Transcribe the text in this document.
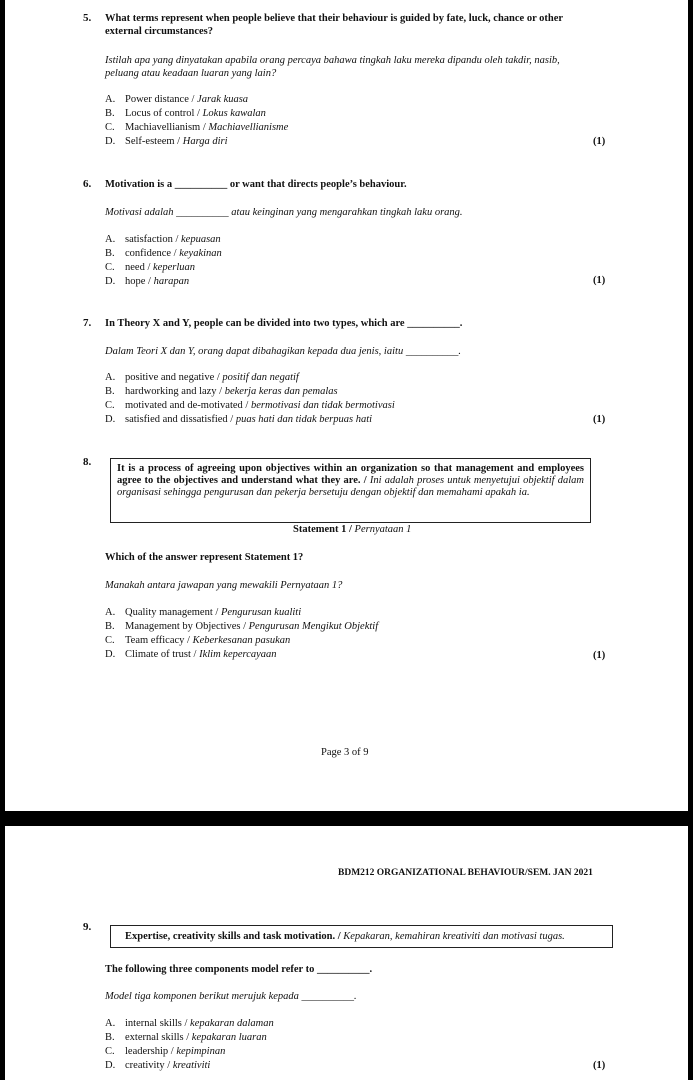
5. What terms represent when people believe that their behaviour is guided by fate, luck, chance or other
external circumstances?
Istilah apa yang dinyatakan apabila orang percaya bahawa tingkah laku mereka dipandu oleh takdir, nasib,
peluang atau keadaan luaran yang lain?
A. Power distance / Jarak kuasa
B. Locus of control / Lokus kawalan
C. Machiavellianism / Machiavellianisme
D. Self-esteem / Harga diri	(1)
6. Motivation is a __________ or want that directs people’s behaviour.
Motivasi adalah __________ atau keinginan yang mengarahkan tingkah laku orang.
A. satisfaction / kepuasan
B. confidence / keyakinan
C. need / keperluan
D. hope / harapan	(1)
7. In Theory X and Y, people can be divided into two types, which are __________.
Dalam Teori X dan Y, orang dapat dibahagikan kepada dua jenis, iaitu __________.
A. positive and negative / positif dan negatif
B. hardworking and lazy / bekerja keras dan pemalas
C. motivated and de-motivated / bermotivasi dan tidak bermotivasi
D. satisfied and dissatisfied / puas hati dan tidak berpuas hati	(1)
8.
It is a process of agreeing upon objectives within an organization so that management and employees agree to the objectives and understand what they are. / Ini adalah proses untuk menyetujui objektif dalam organisasi sehingga pengurusan dan pekerja bersetuju dengan objektif dan memahami apakah ia.
Statement 1 / Pernyataan 1
Which of the answer represent Statement 1?
Manakah antara jawapan yang mewakili Pernyataan 1?
A. Quality management / Pengurusan kualiti
B. Management by Objectives / Pengurusan Mengikut Objektif
C. Team efficacy / Keberkesanan pasukan
D. Climate of trust / Iklim kepercayaan	(1)
Page 3 of 9
BDM212 ORGANIZATIONAL BEHAVIOUR/SEM. JAN 2021
9.
Expertise, creativity skills and task motivation. / Kepakaran, kemahiran kreativiti dan motivasi tugas.
The following three components model refer to __________.
Model tiga komponen berikut merujuk kepada __________.
A. internal skills / kepakaran dalaman
B. external skills / kepakaran luaran
C. leadership / kepimpinan
D. creativity / kreativiti	(1)
